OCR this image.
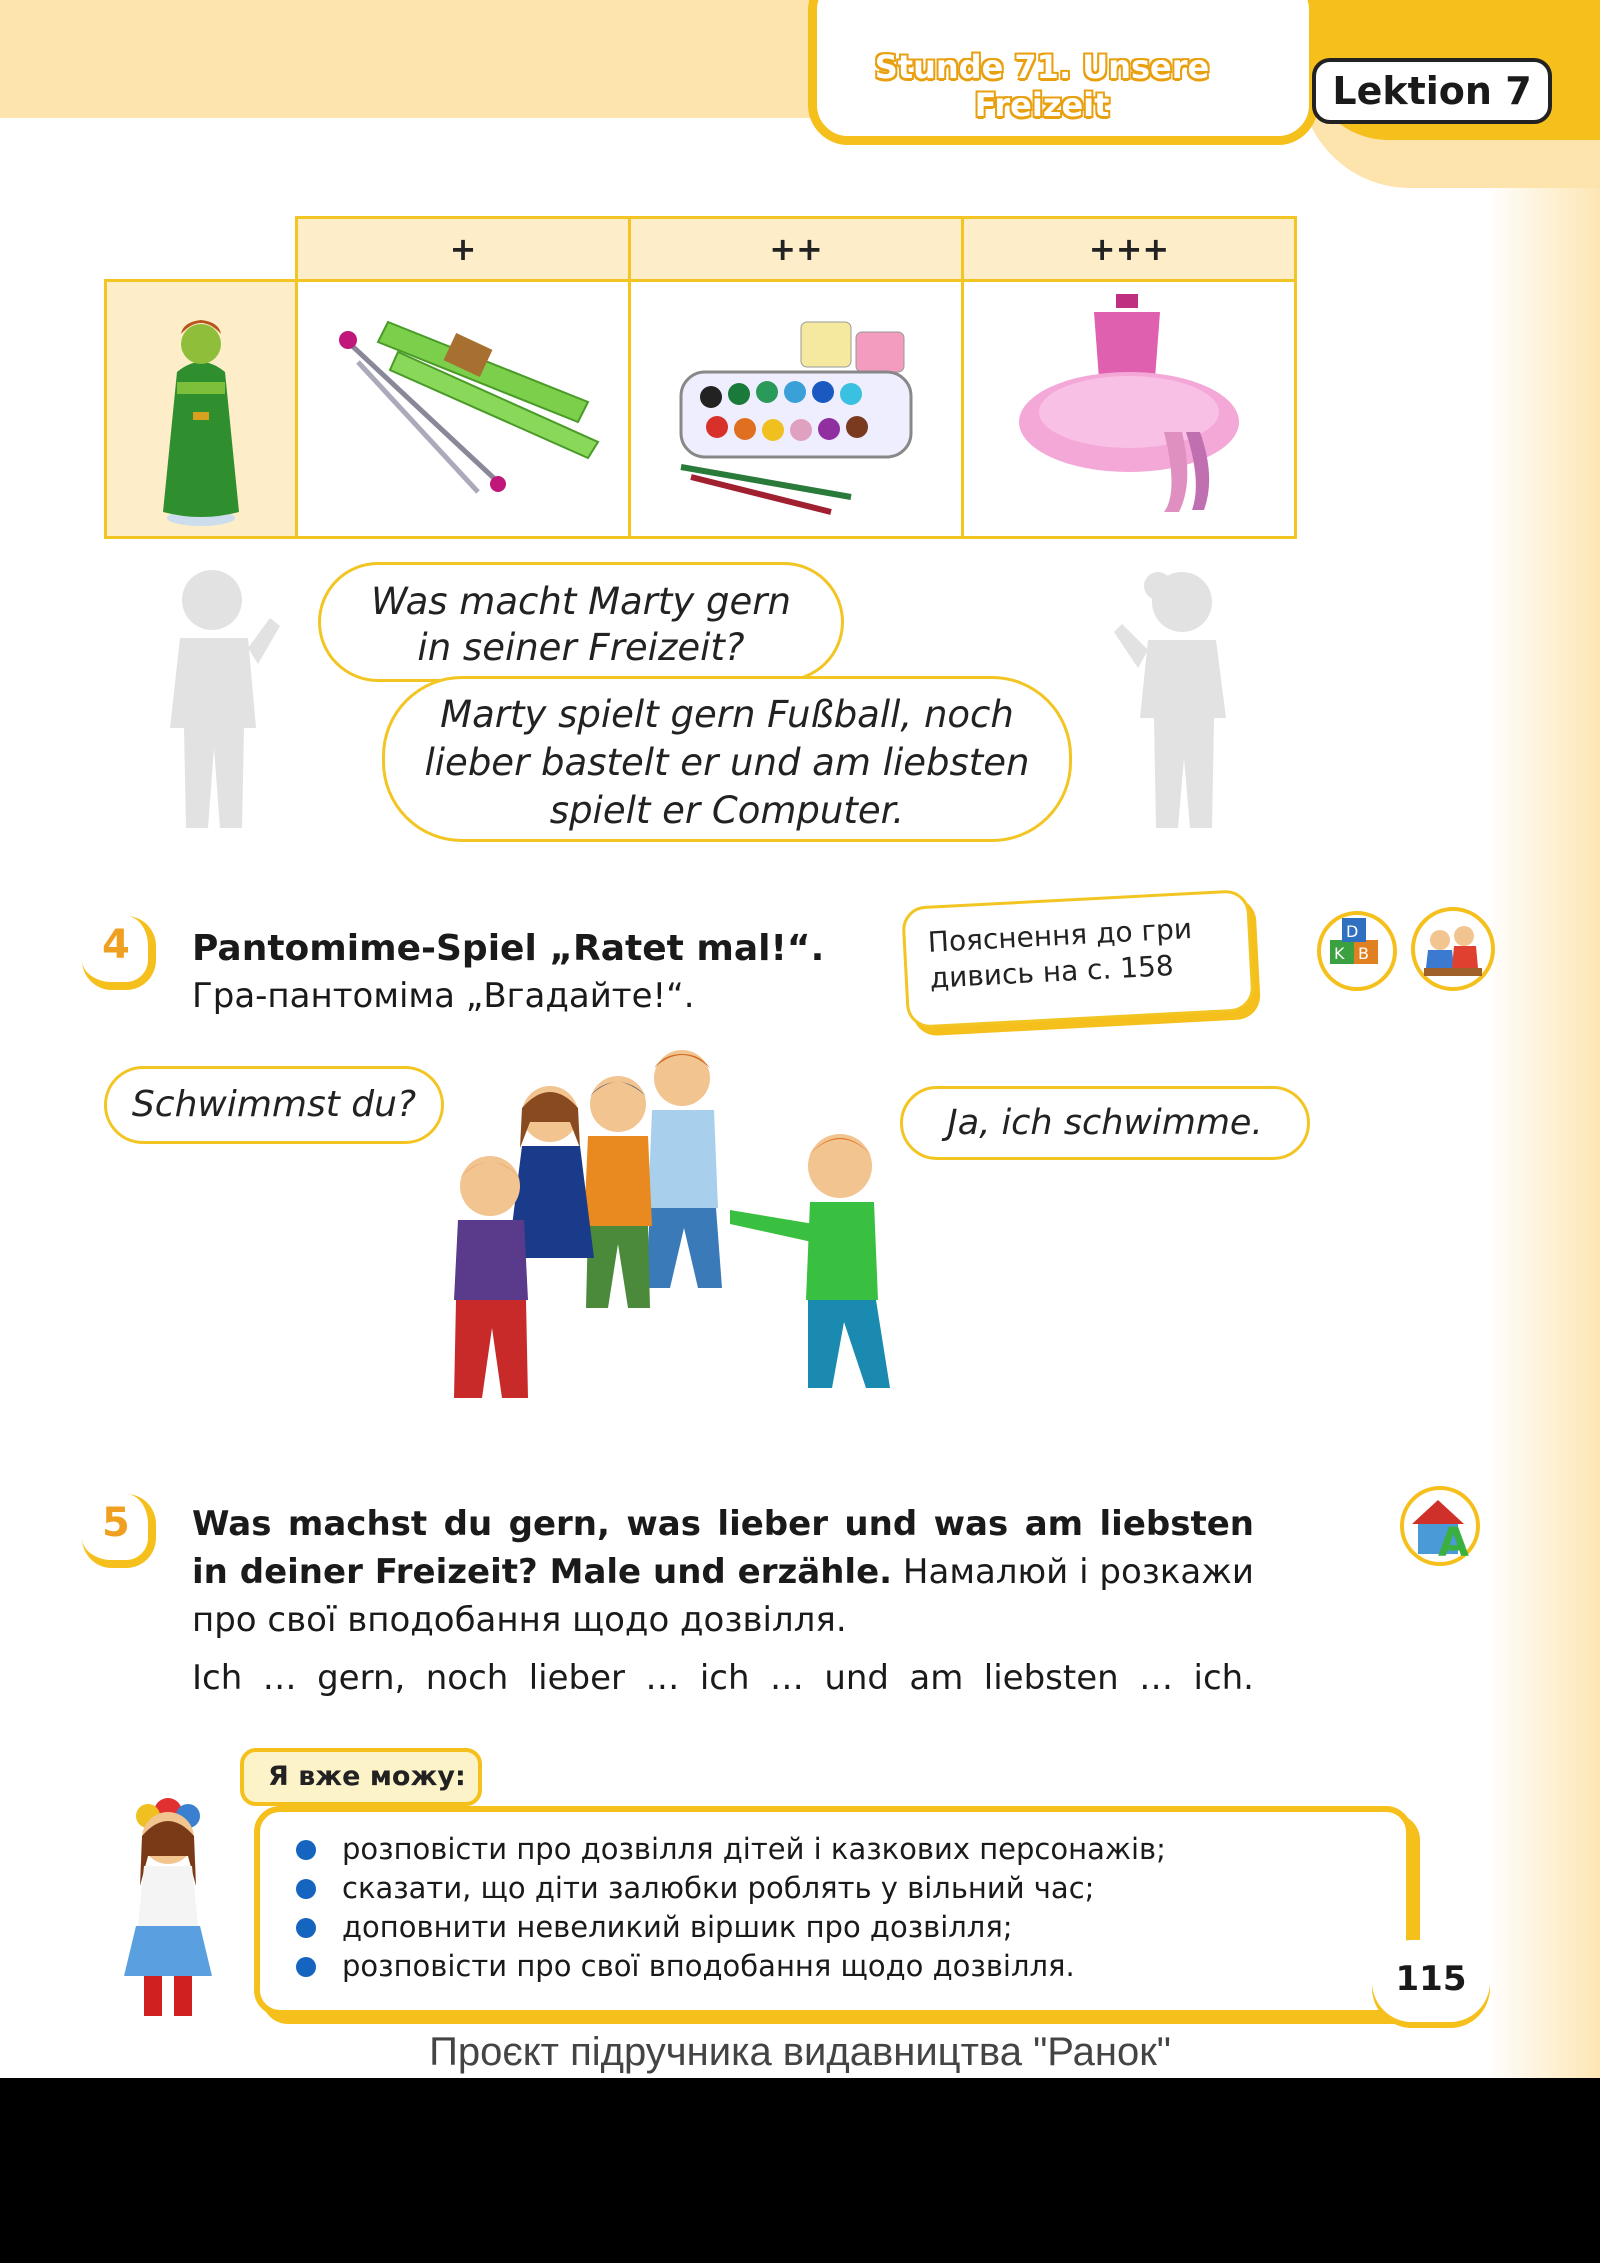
Stunde 71. Unsere Freizeit	Lektion 7
	+	++	+++

Was macht Marty gern
in seiner Freizeit?
Marty spielt gern Fußball, noch
lieber bastelt er und am liebsten
spielt er Computer.
4 Pantomime-Spiel „Ratet mal!“.
Гра-пантоміма „Вгадайте!“.
Пояснення до гри
дивись на с. 158	K B
D
Schwimmst du?	Ja, ich schwimme.
5	A
Was machst du gern, was lieber und was am liebsten in deiner Freizeit? Male und erzähle. Намалюй і розкажи про свої вподобання щодо дозвілля.
Ich … gern, noch lieber … ich … und am liebsten … ich.
Я вже можу:
розповісти про дозвілля дітей і казкових персонажів;
сказати, що діти залюбки роблять у вільний час;
доповнити невеликий віршик про дозвілля;
розповісти про свої вподобання щодо дозвілля.	115
Проєкт підручника видавництва "Ранок"
